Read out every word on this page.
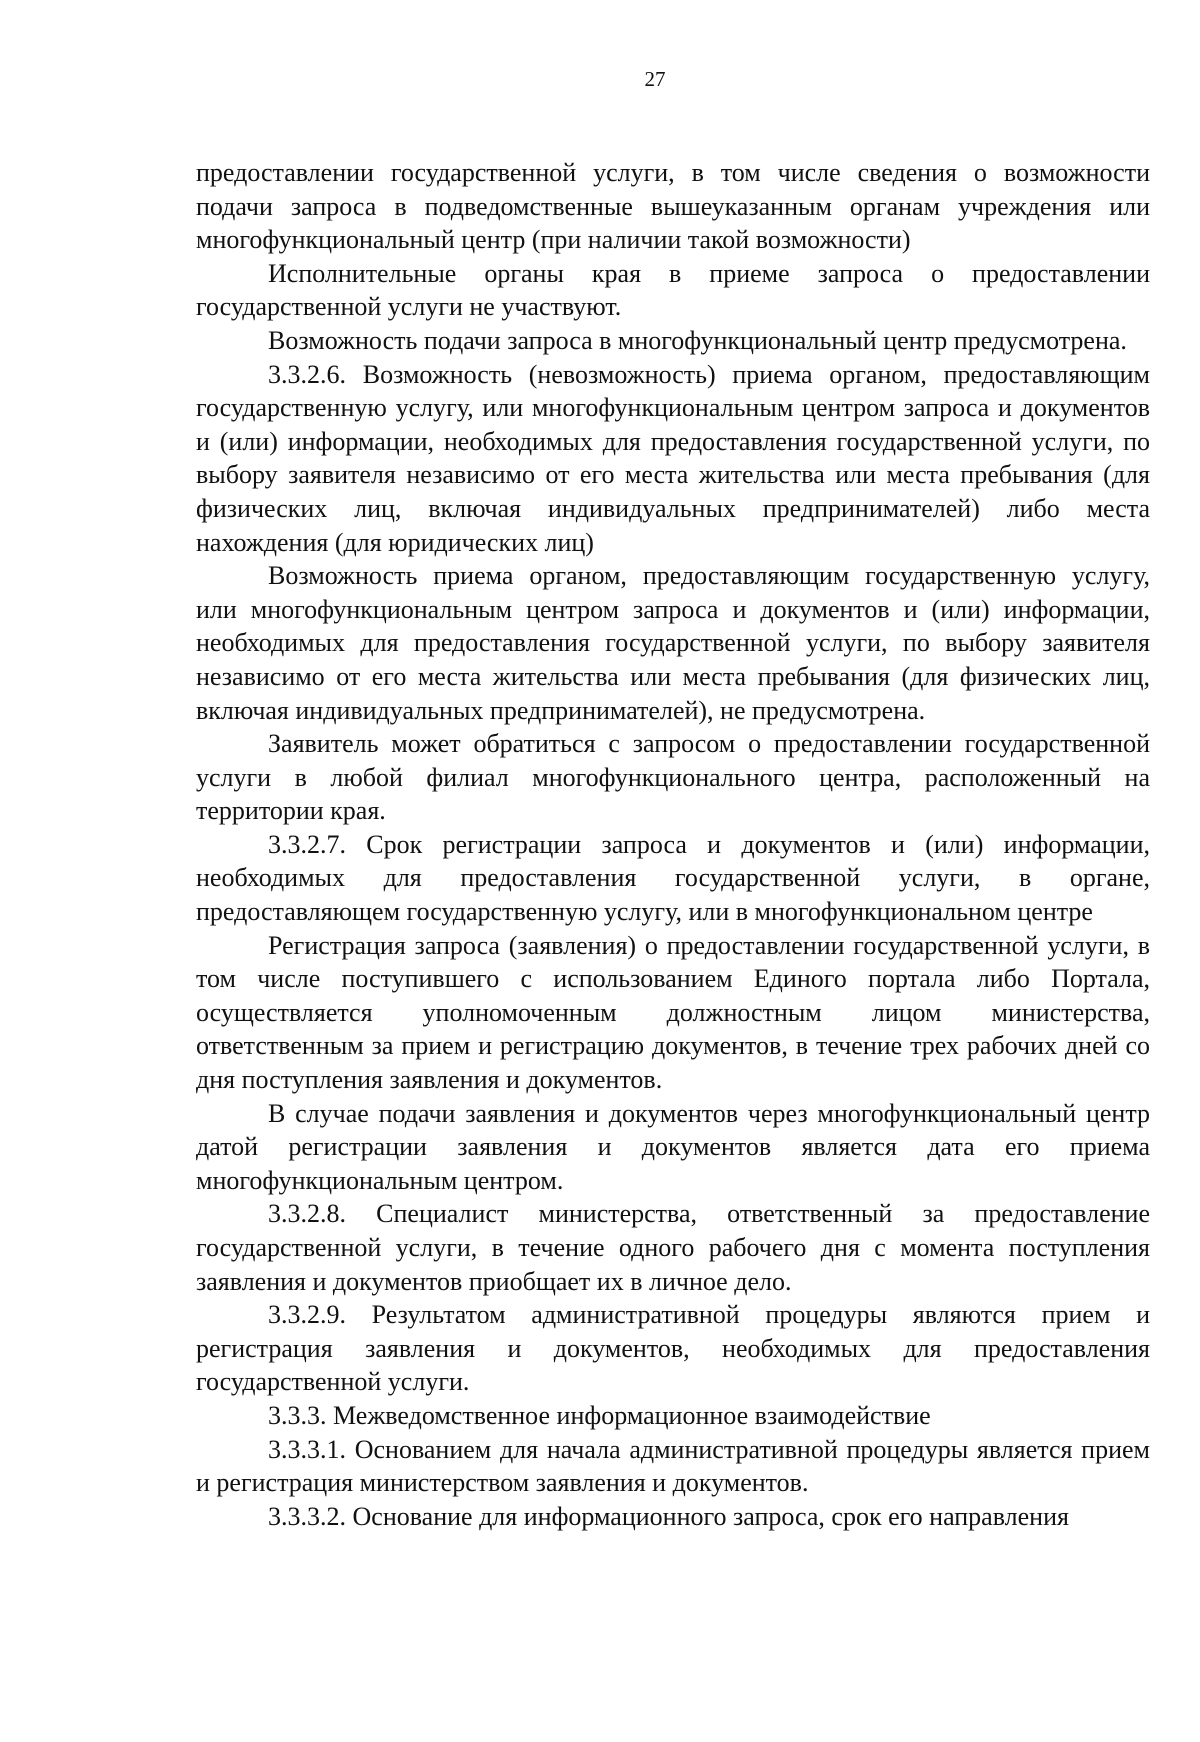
27

предоставлении государственной услуги, в том числе сведения о возможности подачи запроса в подведомственные вышеуказанным органам учреждения или многофункциональный центр (при наличии такой возможности)

Исполнительные органы края в приеме запроса о предоставлении государственной услуги не участвуют.

Возможность подачи запроса в многофункциональный центр предусмотрена.

3.3.2.6. Возможность (невозможность) приема органом, предоставляющим государственную услугу, или многофункциональным центром запроса и документов и (или) информации, необходимых для предоставления государственной услуги, по выбору заявителя независимо от его места жительства или места пребывания (для физических лиц, включая индивидуальных предпринимателей) либо места нахождения (для юридических лиц)

Возможность приема органом, предоставляющим государственную услугу, или многофункциональным центром запроса и документов и (или) информации, необходимых для предоставления государственной услуги, по выбору заявителя независимо от его места жительства или места пребывания (для физических лиц, включая индивидуальных предпринимателей), не предусмотрена.

Заявитель может обратиться с запросом о предоставлении государственной услуги в любой филиал многофункционального центра, расположенный на территории края.

3.3.2.7. Срок регистрации запроса и документов и (или) информации, необходимых для предоставления государственной услуги, в органе, предоставляющем государственную услугу, или в многофункциональном центре

Регистрация запроса (заявления) о предоставлении государственной услуги, в том числе поступившего с использованием Единого портала либо Портала, осуществляется уполномоченным должностным лицом министерства, ответственным за прием и регистрацию документов, в течение трех рабочих дней со дня поступления заявления и документов.

В случае подачи заявления и документов через многофункциональный центр датой регистрации заявления и документов является дата его приема многофункциональным центром.

3.3.2.8. Специалист министерства, ответственный за предоставление государственной услуги, в течение одного рабочего дня с момента поступления заявления и документов приобщает их в личное дело.

3.3.2.9. Результатом административной процедуры являются прием и регистрация заявления и документов, необходимых для предоставления государственной услуги.

3.3.3. Межведомственное информационное взаимодействие

3.3.3.1. Основанием для начала административной процедуры является прием и регистрация министерством заявления и документов.

3.3.3.2. Основание для информационного запроса, срок его направления
